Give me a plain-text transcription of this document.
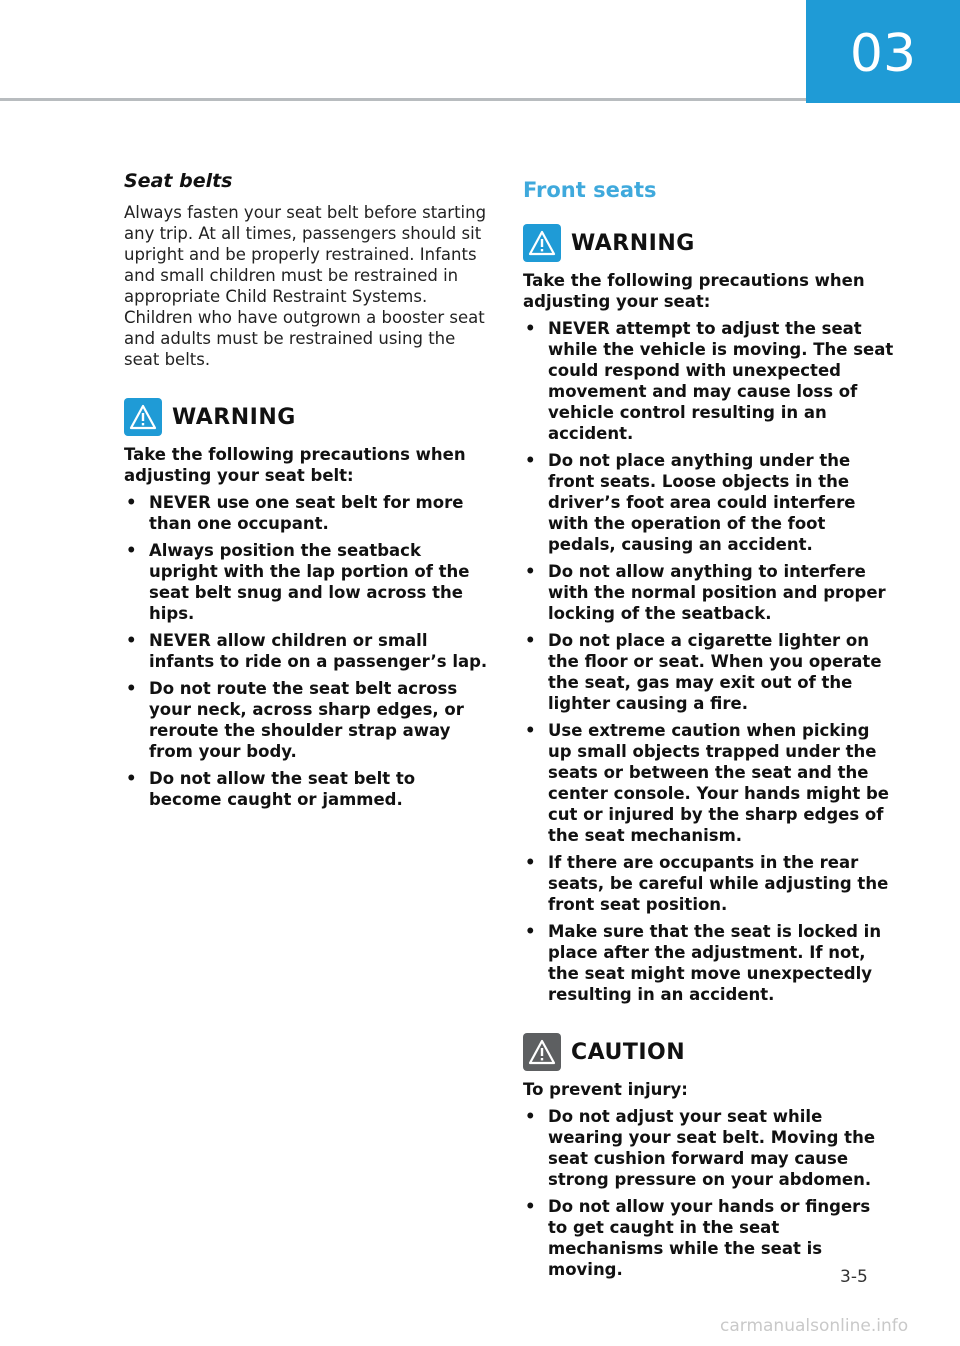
03
Seat belts

Always fasten your seat belt before starting any trip. At all times, passengers should sit upright and be properly restrained. Infants and small children must be restrained in appropriate Child Restraint Systems. Children who have outgrown a booster seat and adults must be restrained using the seat belts.

WARNING

Take the following precautions when adjusting your seat belt:

• NEVER use one seat belt for more than one occupant.
• Always position the seatback upright with the lap portion of the seat belt snug and low across the hips.
• NEVER allow children or small infants to ride on a passenger’s lap.
• Do not route the seat belt across your neck, across sharp edges, or reroute the shoulder strap away from your body.
• Do not allow the seat belt to become caught or jammed.
Front seats
WARNING

Take the following precautions when adjusting your seat:

• NEVER attempt to adjust the seat while the vehicle is moving. The seat could respond with unexpected movement and may cause loss of vehicle control resulting in an accident.
• Do not place anything under the front seats. Loose objects in the driver’s foot area could interfere with the operation of the foot pedals, causing an accident.
• Do not allow anything to interfere with the normal position and proper locking of the seatback.
• Do not place a cigarette lighter on the floor or seat. When you operate the seat, gas may exit out of the lighter causing a fire.
• Use extreme caution when picking up small objects trapped under the seats or between the seat and the center console. Your hands might be cut or injured by the sharp edges of the seat mechanism.
• If there are occupants in the rear seats, be careful while adjusting the front seat position.
• Make sure that the seat is locked in place after the adjustment. If not, the seat might move unexpectedly resulting in an accident.
CAUTION

To prevent injury:

• Do not adjust your seat while wearing your seat belt. Moving the seat cushion forward may cause strong pressure on your abdomen.
• Do not allow your hands or fingers to get caught in the seat mechanisms while the seat is moving.	3-5
carmanualsonline.info
